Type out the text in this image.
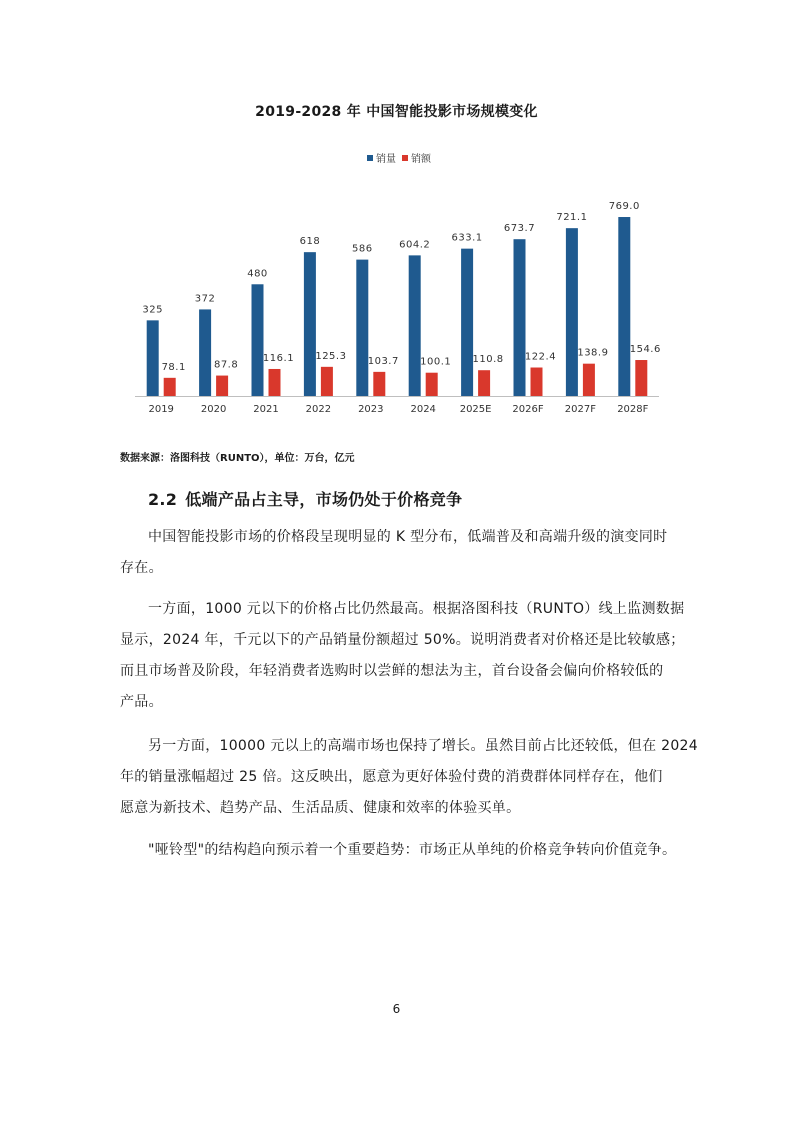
2019-2028 年 中国智能投影市场规模变化
销量 销额
325
78.1
372
87.8
480
116.1
618
125.3
586
103.7
604.2
100.1
633.1
110.8
673.7
122.4
721.1
138.9
769.0
154.6
2019	2020	2021	2022	2023	2024 2025E 2026F 2027F 2028F
数据来源：洛图科技（RUNTO），单位：万台，亿元
2.2 低端产品占主导，市场仍处于价格竞争

中国智能投影市场的价格段呈现明显的 K 型分布，低端普及和高端升级的演变同时
存在。

一方面，1000 元以下的价格占比仍然最高。根据洛图科技（RUNTO）线上监测数据
显示，2024 年，千元以下的产品销量份额超过 50%。说明消费者对价格还是比较敏感；
而且市场普及阶段，年轻消费者选购时以尝鲜的想法为主，首台设备会偏向价格较低的
产品。

另一方面，10000 元以上的高端市场也保持了增长。虽然目前占比还较低，但在 2024
年的销量涨幅超过 25 倍。这反映出，愿意为更好体验付费的消费群体同样存在，他们
愿意为新技术、趋势产品、生活品质、健康和效率的体验买单。

"哑铃型"的结构趋向预示着一个重要趋势：市场正从单纯的价格竞争转向价值竞争。

6
